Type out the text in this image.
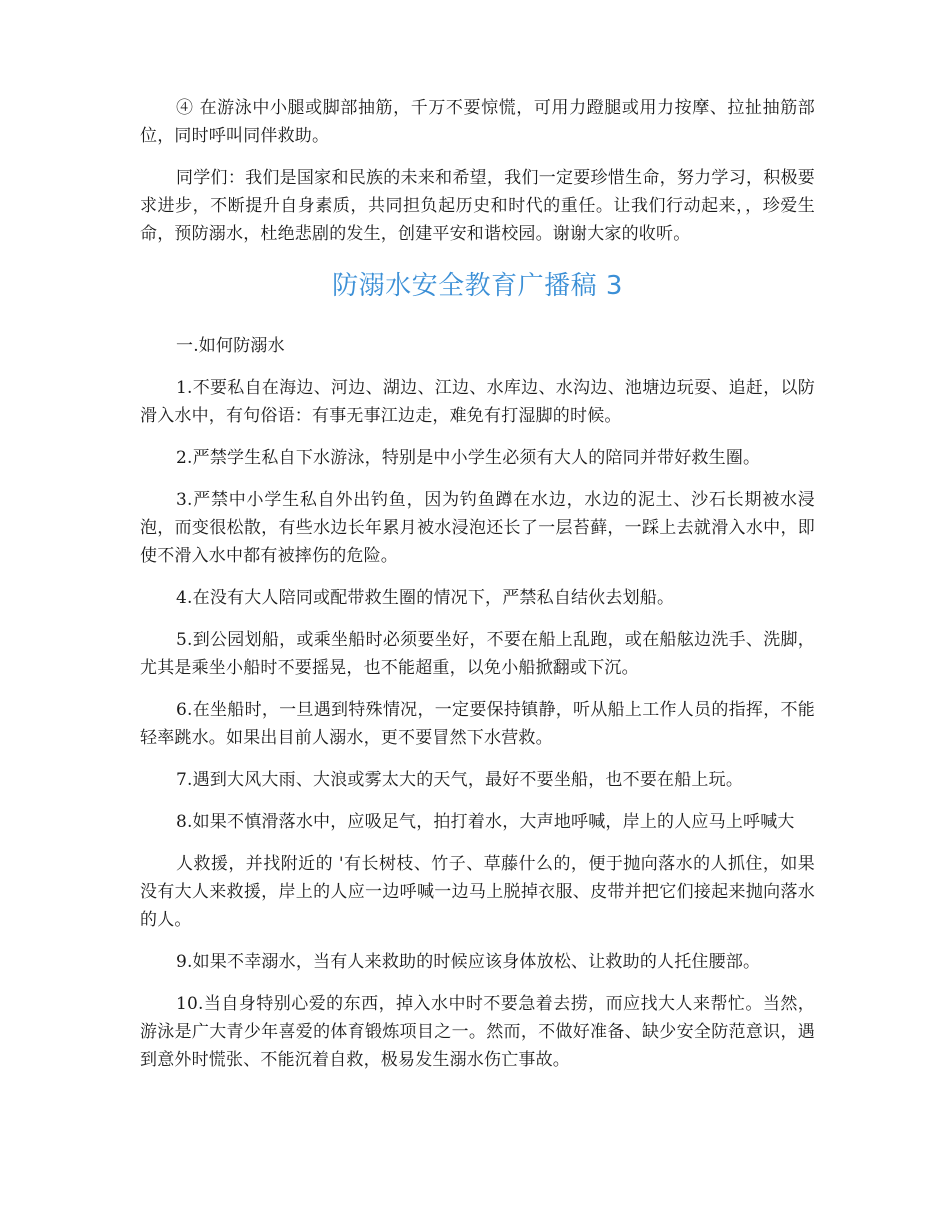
④ 在游泳中小腿或脚部抽筋，千万不要惊慌，可用力蹬腿或用力按摩、拉扯抽筋部位，同时呼叫同伴救助。

同学们：我们是国家和民族的未来和希望，我们一定要珍惜生命，努力学习，积极要求进步，不断提升自身素质，共同担负起历史和时代的重任。让我们行动起来，，珍爱生命，预防溺水，杜绝悲剧的发生，创建平安和谐校园。谢谢大家的收听。

防溺水安全教育广播稿 3

一.如何防溺水

1.不要私自在海边、河边、湖边、江边、水库边、水沟边、池塘边玩耍、追赶，以防滑入水中，有句俗语：有事无事江边走，难免有打湿脚的时候。

2.严禁学生私自下水游泳，特别是中小学生必须有大人的陪同并带好救生圈。

3.严禁中小学生私自外出钓鱼，因为钓鱼蹲在水边，水边的泥土、沙石长期被水浸泡，而变很松散，有些水边长年累月被水浸泡还长了一层苔藓，一踩上去就滑入水中，即使不滑入水中都有被摔伤的危险。

4.在没有大人陪同或配带救生圈的情况下，严禁私自结伙去划船。

5.到公园划船，或乘坐船时必须要坐好，不要在船上乱跑，或在船舷边洗手、洗脚，尤其是乘坐小船时不要摇晃，也不能超重，以免小船掀翻或下沉。

6.在坐船时，一旦遇到特殊情况，一定要保持镇静，听从船上工作人员的指挥，不能轻率跳水。如果出目前人溺水，更不要冒然下水营救。

7.遇到大风大雨、大浪或雾太大的天气，最好不要坐船，也不要在船上玩。

8.如果不慎滑落水中，应吸足气，拍打着水，大声地呼喊，岸上的人应马上呼喊大

人救援，并找附近的 '有长树枝、竹子、草藤什么的，便于抛向落水的人抓住，如果没有大人来救援，岸上的人应一边呼喊一边马上脱掉衣服、皮带并把它们接起来抛向落水的人。

9.如果不幸溺水，当有人来救助的时候应该身体放松、让救助的人托住腰部。

10.当自身特别心爱的东西，掉入水中时不要急着去捞，而应找大人来帮忙。当然，游泳是广大青少年喜爱的体育锻炼项目之一。然而，不做好准备、缺少安全防范意识，遇到意外时慌张、不能沉着自救，极易发生溺水伤亡事故。
